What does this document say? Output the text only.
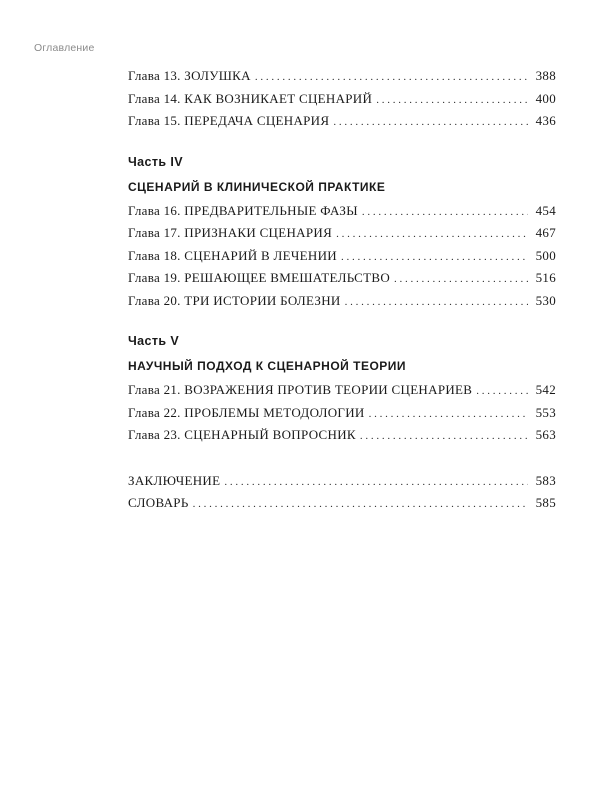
Оглавление
Глава 13. ЗОЛУШКА . . .	388
Глава 14. КАК ВОЗНИКАЕТ СЦЕНАРИЙ . . .	400
Глава 15. ПЕРЕДАЧА СЦЕНАРИЯ . . .	436
Часть IV
СЦЕНАРИЙ В КЛИНИЧЕСКОЙ ПРАКТИКЕ
Глава 16. ПРЕДВАРИТЕЛЬНЫЕ ФАЗЫ . . .	454
Глава 17. ПРИЗНАКИ СЦЕНАРИЯ . . .	467
Глава 18. СЦЕНАРИЙ В ЛЕЧЕНИИ . . .	500
Глава 19. РЕШАЮЩЕЕ ВМЕШАТЕЛЬСТВО . . .	516
Глава 20. ТРИ ИСТОРИИ БОЛЕЗНИ . . .	530
Часть V
НАУЧНЫЙ ПОДХОД К СЦЕНАРНОЙ ТЕОРИИ
Глава 21. ВОЗРАЖЕНИЯ ПРОТИВ ТЕОРИИ СЦЕНАРИЕВ . . .	542
Глава 22. ПРОБЛЕМЫ МЕТОДОЛОГИИ . . .	553
Глава 23. СЦЕНАРНЫЙ ВОПРОСНИК . . .	563
ЗАКЛЮЧЕНИЕ . . .	583
СЛОВАРЬ . . .	585
